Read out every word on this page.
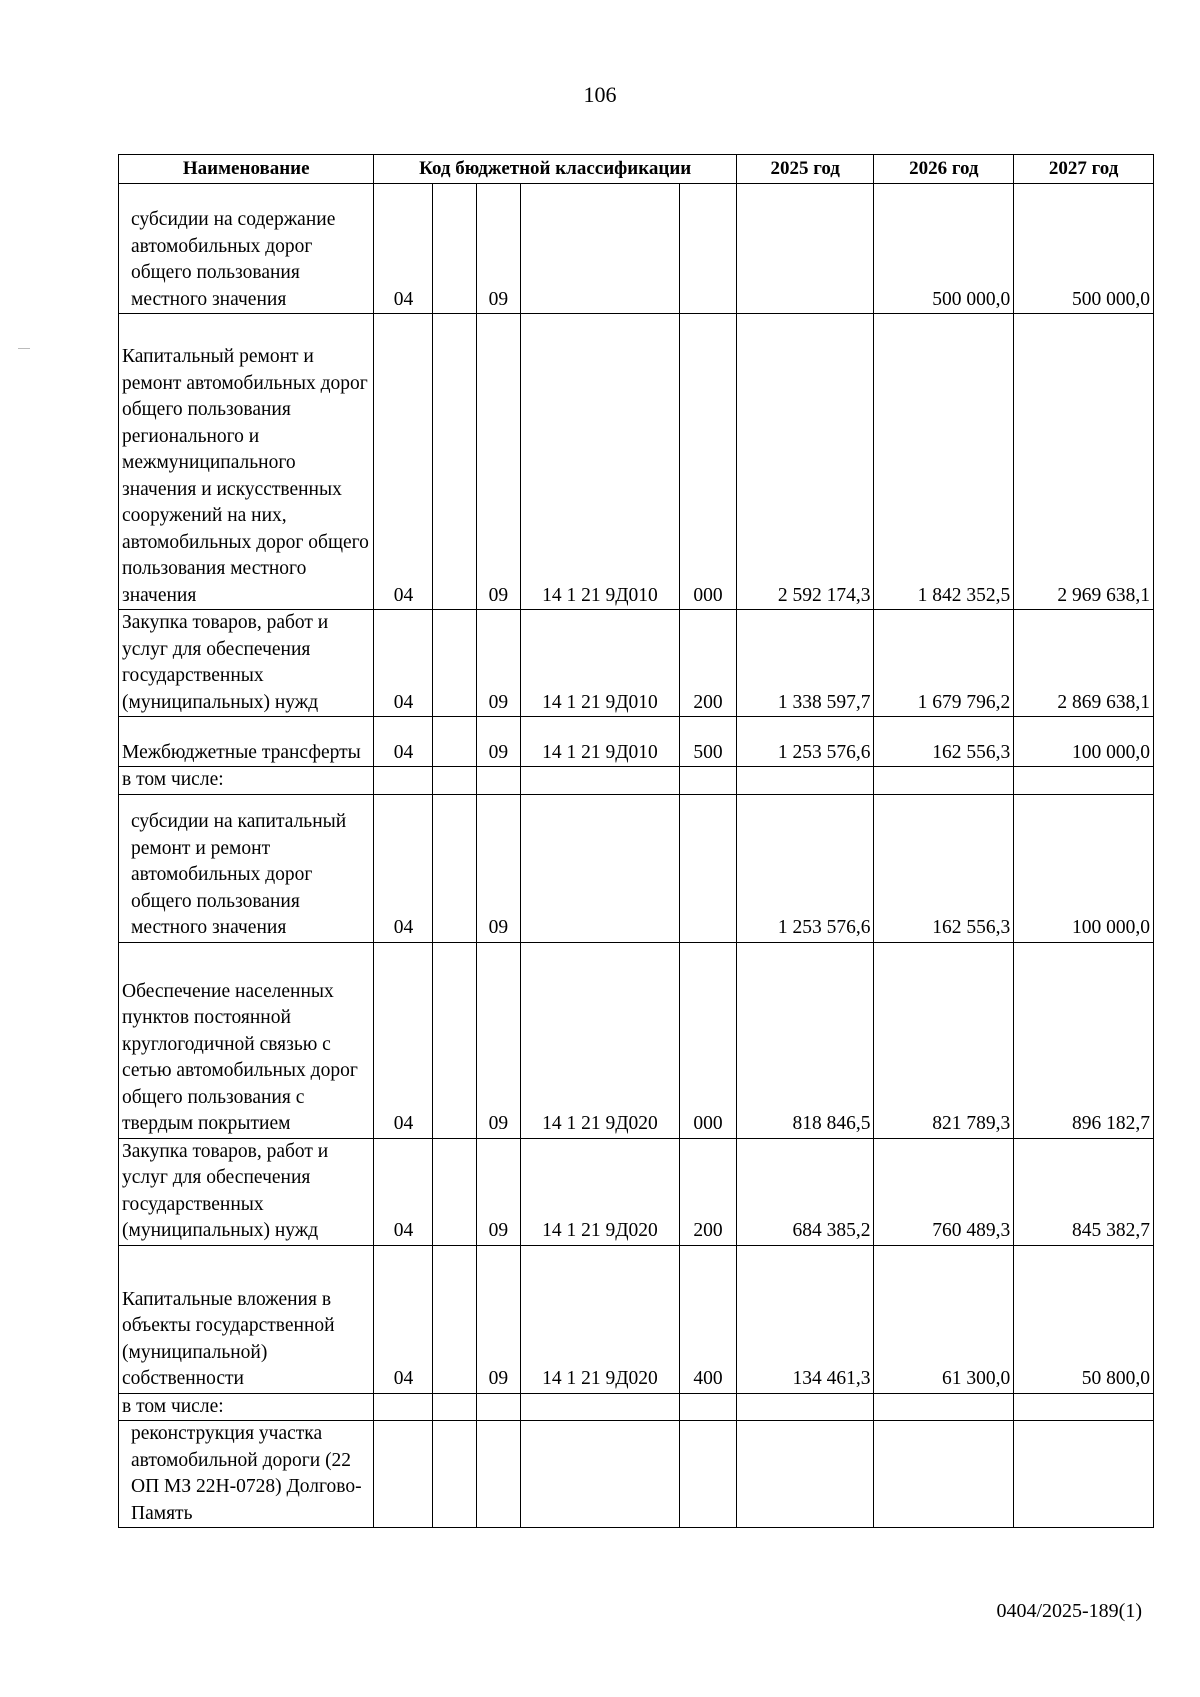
106
Наименование	Код бюджетной классификации					2025 год	2026 год	2027 год
субсидии на содержание автомобильных дорог общего пользования местного значения	04		09				500 000,0	500 000,0
Капитальный ремонт и ремонт автомобильных дорог общего пользования регионального и межмуниципального значения и искусственных сооружений на них, автомобильных дорог общего пользования местного значения	04		09	14 1 21 9Д010	000	2 592 174,3	1 842 352,5	2 969 638,1
Закупка товаров, работ и услуг для обеспечения государственных (муниципальных) нужд	04		09	14 1 21 9Д010	200	1 338 597,7	1 679 796,2	2 869 638,1
Межбюджетные трансферты	04		09	14 1 21 9Д010	500	1 253 576,6	162 556,3	100 000,0
в том числе:								
субсидии на капитальный ремонт и ремонт автомобильных дорог общего пользования местного значения	04		09			1 253 576,6	162 556,3	100 000,0
Обеспечение населенных пунктов постоянной круглогодичной связью с сетью автомобильных дорог общего пользования с твердым покрытием	04		09	14 1 21 9Д020	000	818 846,5	821 789,3	896 182,7
Закупка товаров, работ и услуг для обеспечения государственных (муниципальных) нужд	04		09	14 1 21 9Д020	200	684 385,2	760 489,3	845 382,7
Капитальные вложения в объекты государственной (муниципальной) собственности	04		09	14 1 21 9Д020	400	134 461,3	61 300,0	50 800,0
в том числе:								
реконструкция участка автомобильной дороги (22 ОП МЗ 22Н-0728) Долгово-Память								
0404/2025-189(1)
